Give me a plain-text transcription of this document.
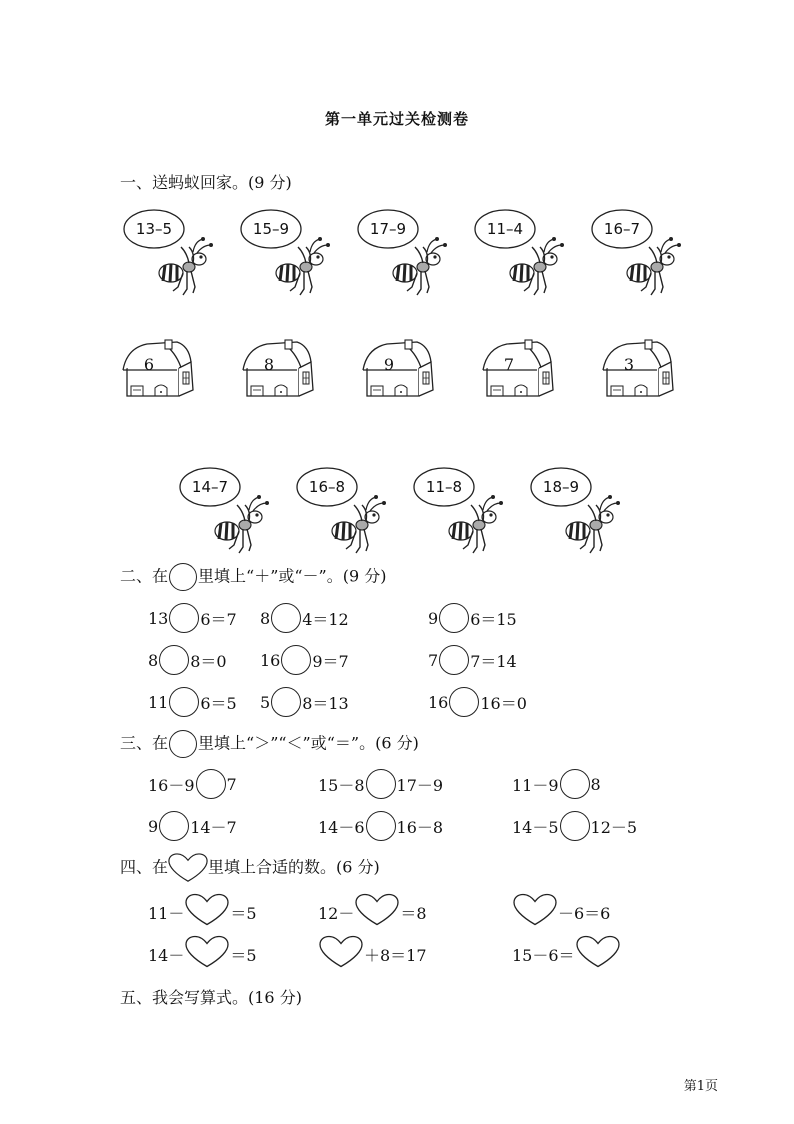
第一单元过关检测卷
一、送蚂蚁回家。(9 分)
13–5	15–9	17–9	11–4	16–7
6	8	9	7	3
14–7	16–8	11–8	18–9
二、在 里填上“＋”或“－”。(9 分)
13 6＝7 8 4＝12	9 6＝15
8 8＝0 16 9＝7	7 7＝14
11 6＝5 5 8＝13	16 16＝0
三、在 里填上“＞”“＜”或“＝”。(6 分)
16－9 7	15－8 17－9	11－9 8
9 14－7	14－6 16－8	14－5 12－5
四、在	里填上合适的数。(6 分)
11－	＝5	12－	＝8	－6＝6
14－	＝5	＋8＝17	15－6＝
五、我会写算式。(16 分)
第1页
